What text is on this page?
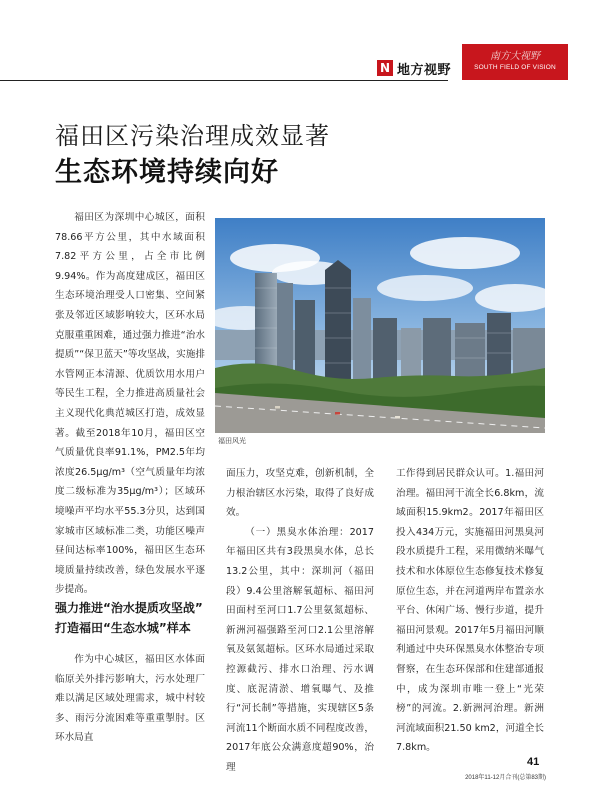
N 地方视野
南方大视野
SOUTH FIELD OF VISION
福田区污染治理成效显著
生态环境持续向好

福田区为深圳中心城区，面积78.66平方公里，其中水域面积7.82平方公里，占全市比例9.94%。作为高度建成区，福田区生态环境治理受人口密集、空间紧张及邻近区域影响较大，区环水局克服重重困难，通过强力推进“治水提质”“保卫蓝天”等攻坚战，实施排水管网正本清源、优质饮用水用户等民生工程，全力推进高质量社会主义现代化典范城区打造，成效显著。截至2018年10月，福田区空气质量优良率91.1%，PM2.5年均浓度26.5μg/m³（空气质量年均浓度二级标准为35μg/m³）；区域环境噪声平均水平55.3分贝，达到国家城市区域标准二类，功能区噪声昼间达标率100%，福田区生态环境质量持续改善，绿色发展水平逐步提高。

强力推进“治水提质攻坚战”
打造福田“生态水城”样本

作为中心城区，福田区水体面临原关外排污影响大，污水处理厂难以满足区域处理需求，城中村较多、雨污分流困难等重重掣肘。区环水局直

福田风光

面压力，攻坚克难，创新机制，全力根治辖区水污染，取得了良好成效。

（一）黑臭水体治理：2017年福田区共有3段黑臭水体，总长13.2公里，其中：深圳河（福田段）9.4公里溶解氧超标、福田河田面村至河口1.7公里氨氮超标、新洲河福强路至河口2.1公里溶解氧及氨氮超标。区环水局通过采取控源截污、排水口治理、污水调度、底泥清淤、增氧曝气、及推行“河长制”等措施，实现辖区5条河流11个断面水质不同程度改善，2017年底公众满意度超90%，治理

工作得到居民群众认可。1.福田河治理。福田河干流全长6.8km，流域面积15.9km2。2017年福田区投入434万元，实施福田河黑臭河段水质提升工程，采用微纳米曝气技术和水体原位生态修复技术修复原位生态，并在河道两岸布置亲水平台、休闲广场、慢行步道，提升福田河景观。2017年5月福田河顺利通过中央环保黑臭水体整治专项督察，在生态环保部和住建部通报中，成为深圳市唯一登上“光荣榜”的河流。2.新洲河治理。新洲河流域面积21.50 km2，河道全长7.8km。

41
2018年11-12月合刊(总第83期)
